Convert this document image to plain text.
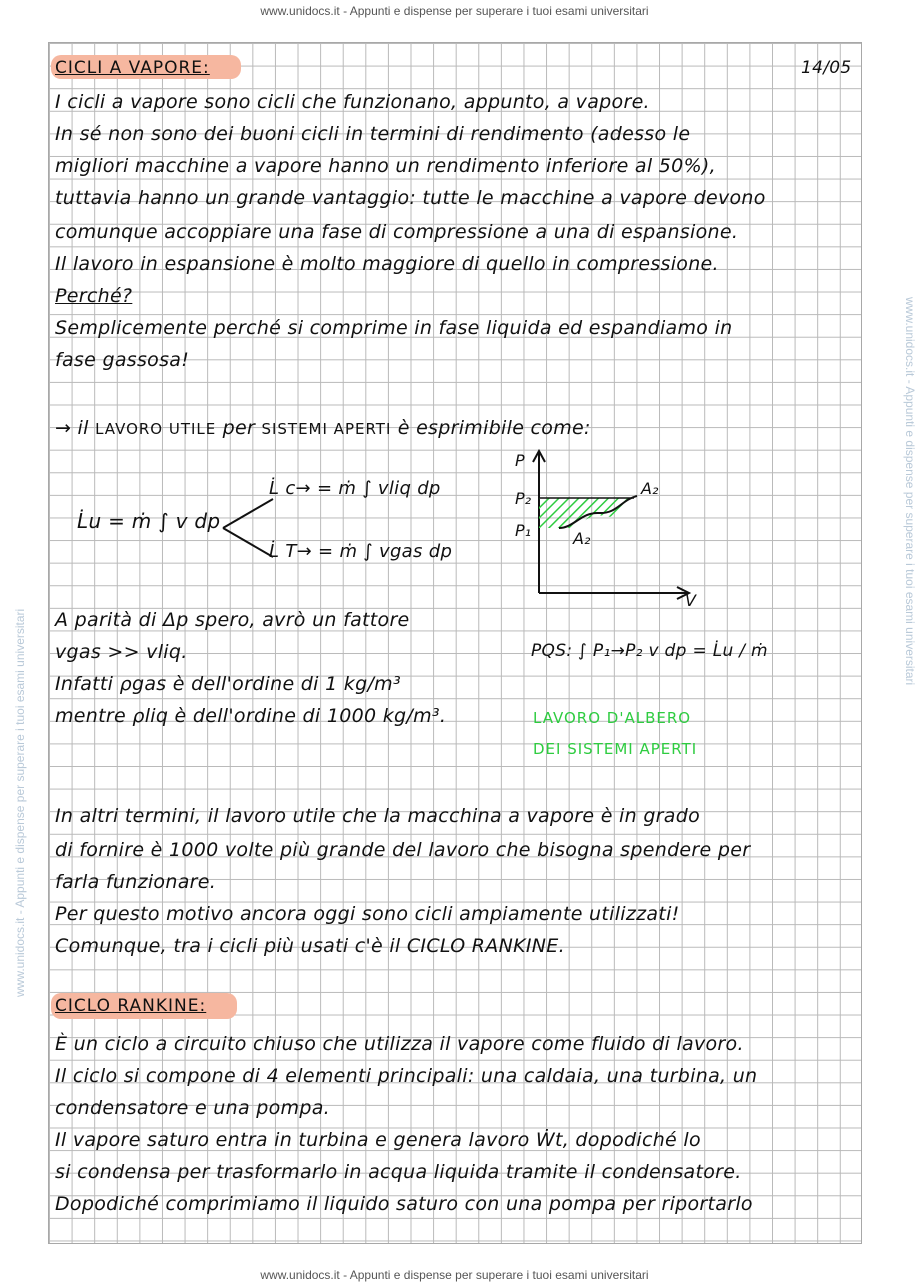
www.unidocs.it - Appunti e dispense per superare i tuoi esami universitari
www.unidocs.it - Appunti e dispense per superare i tuoi esami universitari
www.unidocs.it - Appunti e dispense per superare i tuoi esami universitari
CICLI A VAPORE:	14/05
I cicli a vapore sono cicli che funzionano, appunto, a vapore.
In sé non sono dei buoni cicli in termini di rendimento (adesso le
migliori macchine a vapore hanno un rendimento inferiore al 50%),
tuttavia hanno un grande vantaggio: tutte le macchine a vapore devono
comunque accoppiare una fase di compressione a una di espansione.
Il lavoro in espansione è molto maggiore di quello in compressione.
Perché?
Semplicemente perché si comprime in fase liquida ed espandiamo in
fase gassosa!
→ il LAVORO UTILE per SISTEMI APERTI è esprimibile come:
L̇u = ṁ ∫ v dp
L̇ c→ = ṁ ∫ vliq dp
L̇ T→ = ṁ ∫ vgas dp
P
P₂
P₁
A₂
A₂
V
A parità di Δp spero, avrò un fattore
vgas >> vliq.
Infatti ρgas è dell'ordine di 1 kg/m³
mentre ρliq è dell'ordine di 1000 kg/m³.
PQS: ∫ P₁→P₂ v dp = L̇u / ṁ
LAVORO D'ALBERO
DEI SISTEMI APERTI
In altri termini, il lavoro utile che la macchina a vapore è in grado
di fornire è 1000 volte più grande del lavoro che bisogna spendere per
farla funzionare.
Per questo motivo ancora oggi sono cicli ampiamente utilizzati!
Comunque, tra i cicli più usati c'è il CICLO RANKINE.
CICLO RANKINE:
È un ciclo a circuito chiuso che utilizza il vapore come fluido di lavoro.
Il ciclo si compone di 4 elementi principali: una caldaia, una turbina, un
condensatore e una pompa.
Il vapore saturo entra in turbina e genera lavoro Ẇt, dopodiché lo
si condensa per trasformarlo in acqua liquida tramite il condensatore.
Dopodiché comprimiamo il liquido saturo con una pompa per riportarlo
www.unidocs.it - Appunti e dispense per superare i tuoi esami universitari
